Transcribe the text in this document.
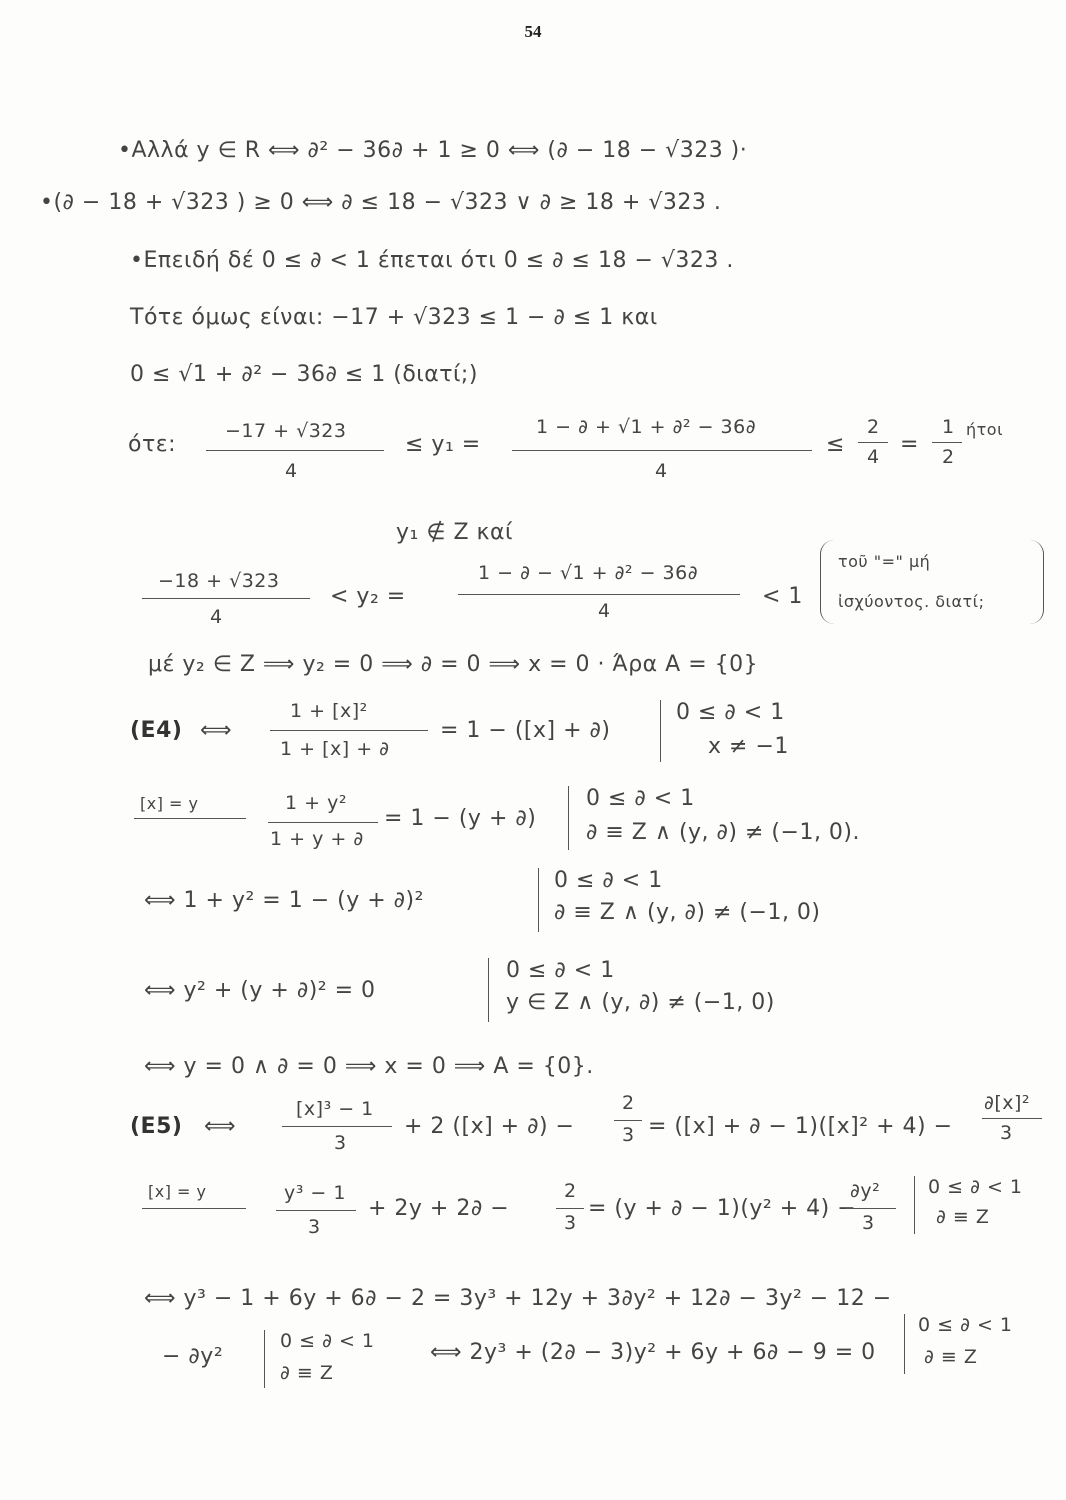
54
•Αλλά y ∈ R ⟺ ∂² − 36∂ + 1 ≥ 0 ⟺ (∂ − 18 − √323 )·
•(∂ − 18 + √323 ) ≥ 0 ⟺ ∂ ≤ 18 − √323 ∨ ∂ ≥ 18 + √323 .
•Επειδή δέ 0 ≤ ∂ < 1 έπεται ότι 0 ≤ ∂ ≤ 18 − √323 .
Τότε όμως είναι: −17 + √323 ≤ 1 − ∂ ≤ 1 και
0 ≤ √1 + ∂² − 36∂ ≤ 1 (διατί;)
ότε:
−17 + √323
4
≤ y₁ =
1 − ∂ + √1 + ∂² − 36∂
4
≤
2
4 =
1
2
ήτοι
y₁ ∉ Z καί
−18 + √323
4
< y₂ =
1 − ∂ − √1 + ∂² − 36∂
4
< 1
τοῦ "=" μή
ἰσχύοντος. διατί;
μέ y₂ ∈ Z ⟹ y₂ = 0 ⟹ ∂ = 0 ⟹ x = 0 · Άρα A = {0}
(E4) ⟺
1 + [x]²
1 + [x] + ∂
= 1 − ([x] + ∂)
0 ≤ ∂ < 1
x ≠ −1
[x] = y	1 + y²
1 + y + ∂
= 1 − (y + ∂)
0 ≤ ∂ < 1
∂ ≡ Z ∧ (y, ∂) ≠ (−1, 0).
⟺ 1 + y² = 1 − (y + ∂)²
0 ≤ ∂ < 1
∂ ≡ Z ∧ (y, ∂) ≠ (−1, 0)
⟺ y² + (y + ∂)² = 0
0 ≤ ∂ < 1
y ∈ Z ∧ (y, ∂) ≠ (−1, 0)
⟺ y = 0 ∧ ∂ = 0 ⟹ x = 0 ⟹ A = {0}.
(E5) ⟺
[x]³ − 1
3
+ 2 ([x] + ∂) −
2
3 = ([x] + ∂ − 1)([x]² + 4) −
∂[x]²
3
[x] = y	y³ − 1
3
+ 2y + 2∂ −
2
3
= (y + ∂ − 1)(y² + 4) −
∂y²
3
0 ≤ ∂ < 1
∂ ≡ Z
⟺ y³ − 1 + 6y + 6∂ − 2 = 3y³ + 12y + 3∂y² + 12∂ − 3y² − 12 −
− ∂y²
0 ≤ ∂ < 1
∂ ≡ Z
⟺ 2y³ + (2∂ − 3)y² + 6y + 6∂ − 9 = 0
0 ≤ ∂ < 1
∂ ≡ Z
